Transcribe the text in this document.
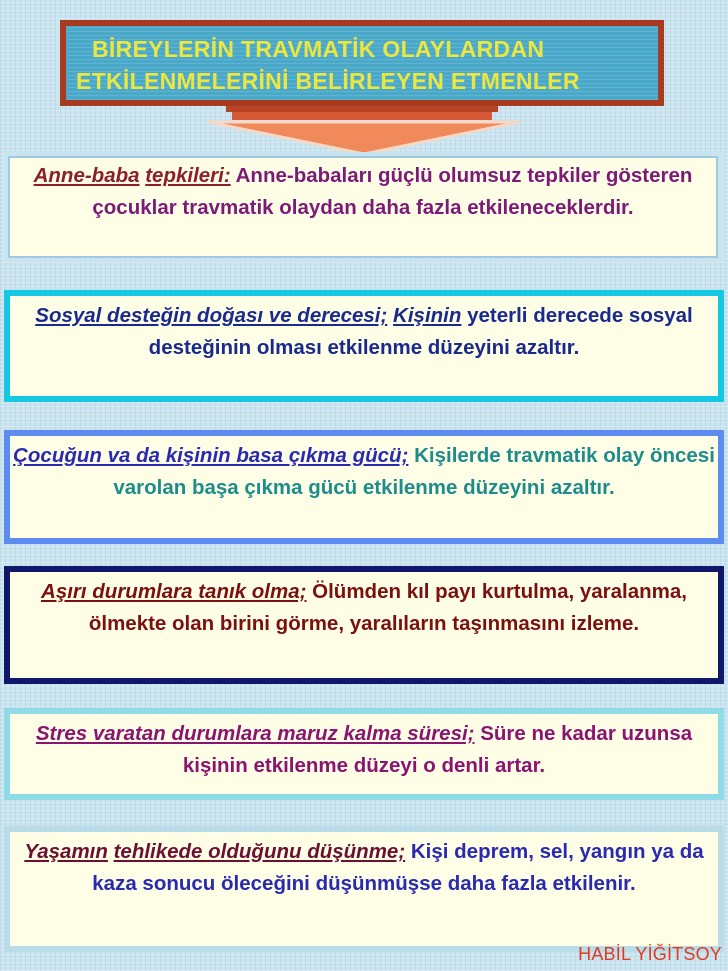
BİREYLERİN TRAVMATİK OLAYLARDAN
ETKİLENMELERİNİ BELİRLEYEN ETMENLER
Anne-baba tepkileri: Anne-babaları güçlü olumsuz tepkiler gösteren çocuklar travmatik olaydan daha fazla etkileneceklerdir.
Sosyal desteğin doğası ve derecesi; Kişinin yeterli derecede sosyal desteğinin olması etkilenme düzeyini azaltır.
Çocuğun va da kişinin basa çıkma gücü; Kişilerde travmatik olay öncesi varolan başa çıkma gücü etkilenme düzeyini azaltır.
Aşırı durumlara tanık olma; Ölümden kıl payı kurtulma, yaralanma, ölmekte olan birini görme, yaralıların taşınmasını izleme.
Stres varatan durumlara maruz kalma süresi; Süre ne kadar uzunsa kişinin etkilenme düzeyi o denli artar.
Yaşamın tehlikede olduğunu düşünme; Kişi deprem, sel, yangın ya da kaza sonucu öleceğini düşünmüşse daha fazla etkilenir.
HABİL YİĞİTSOY
